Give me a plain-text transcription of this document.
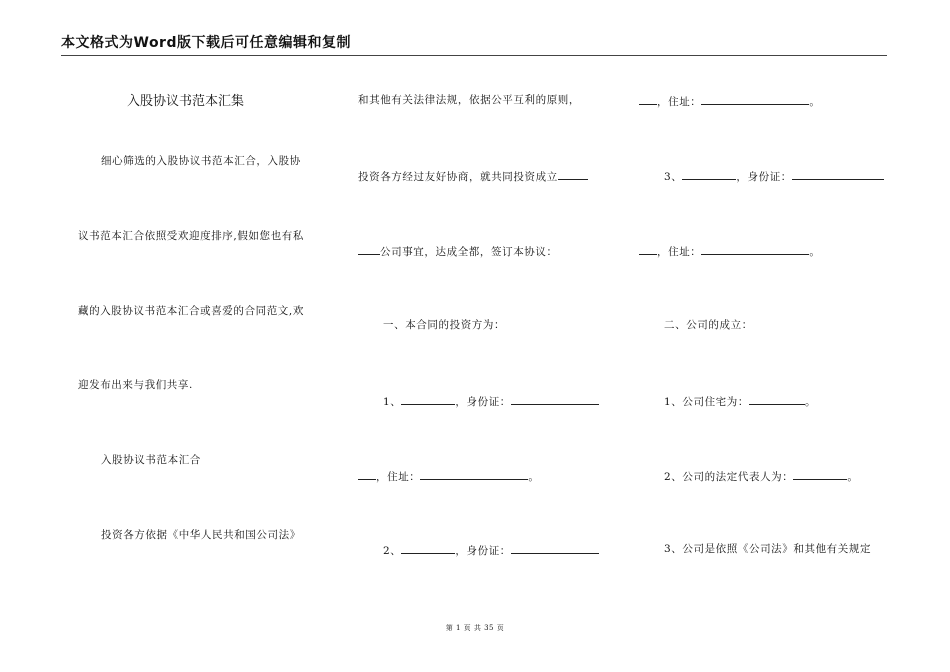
本文格式为Word版下载后可任意编辑和复制
入股协议书范本汇集
细心筛选的入股协议书范本汇合，入股协
议书范本汇合依照受欢迎度排序,假如您也有私
藏的入股协议书范本汇合或喜爱的合同范文,欢
迎发布出来与我们共享.
入股协议书范本汇合
投资各方依据《中华人民共和国公司法》
和其他有关法律法规，依据公平互利的原则，
投资各方经过友好协商，就共同投资成立
公司事宜，达成全都，签订本协议：
一、本合同的投资方为：
1、	，身份证：
，住址：	。
2、	，身份证：
，住址：	。
3、	，身份证：
，住址：	。
二、公司的成立：
1、公司住宅为：	。
2、公司的法定代表人为：	。
3、公司是依照《公司法》和其他有关规定
第 1 页 共 35 页
